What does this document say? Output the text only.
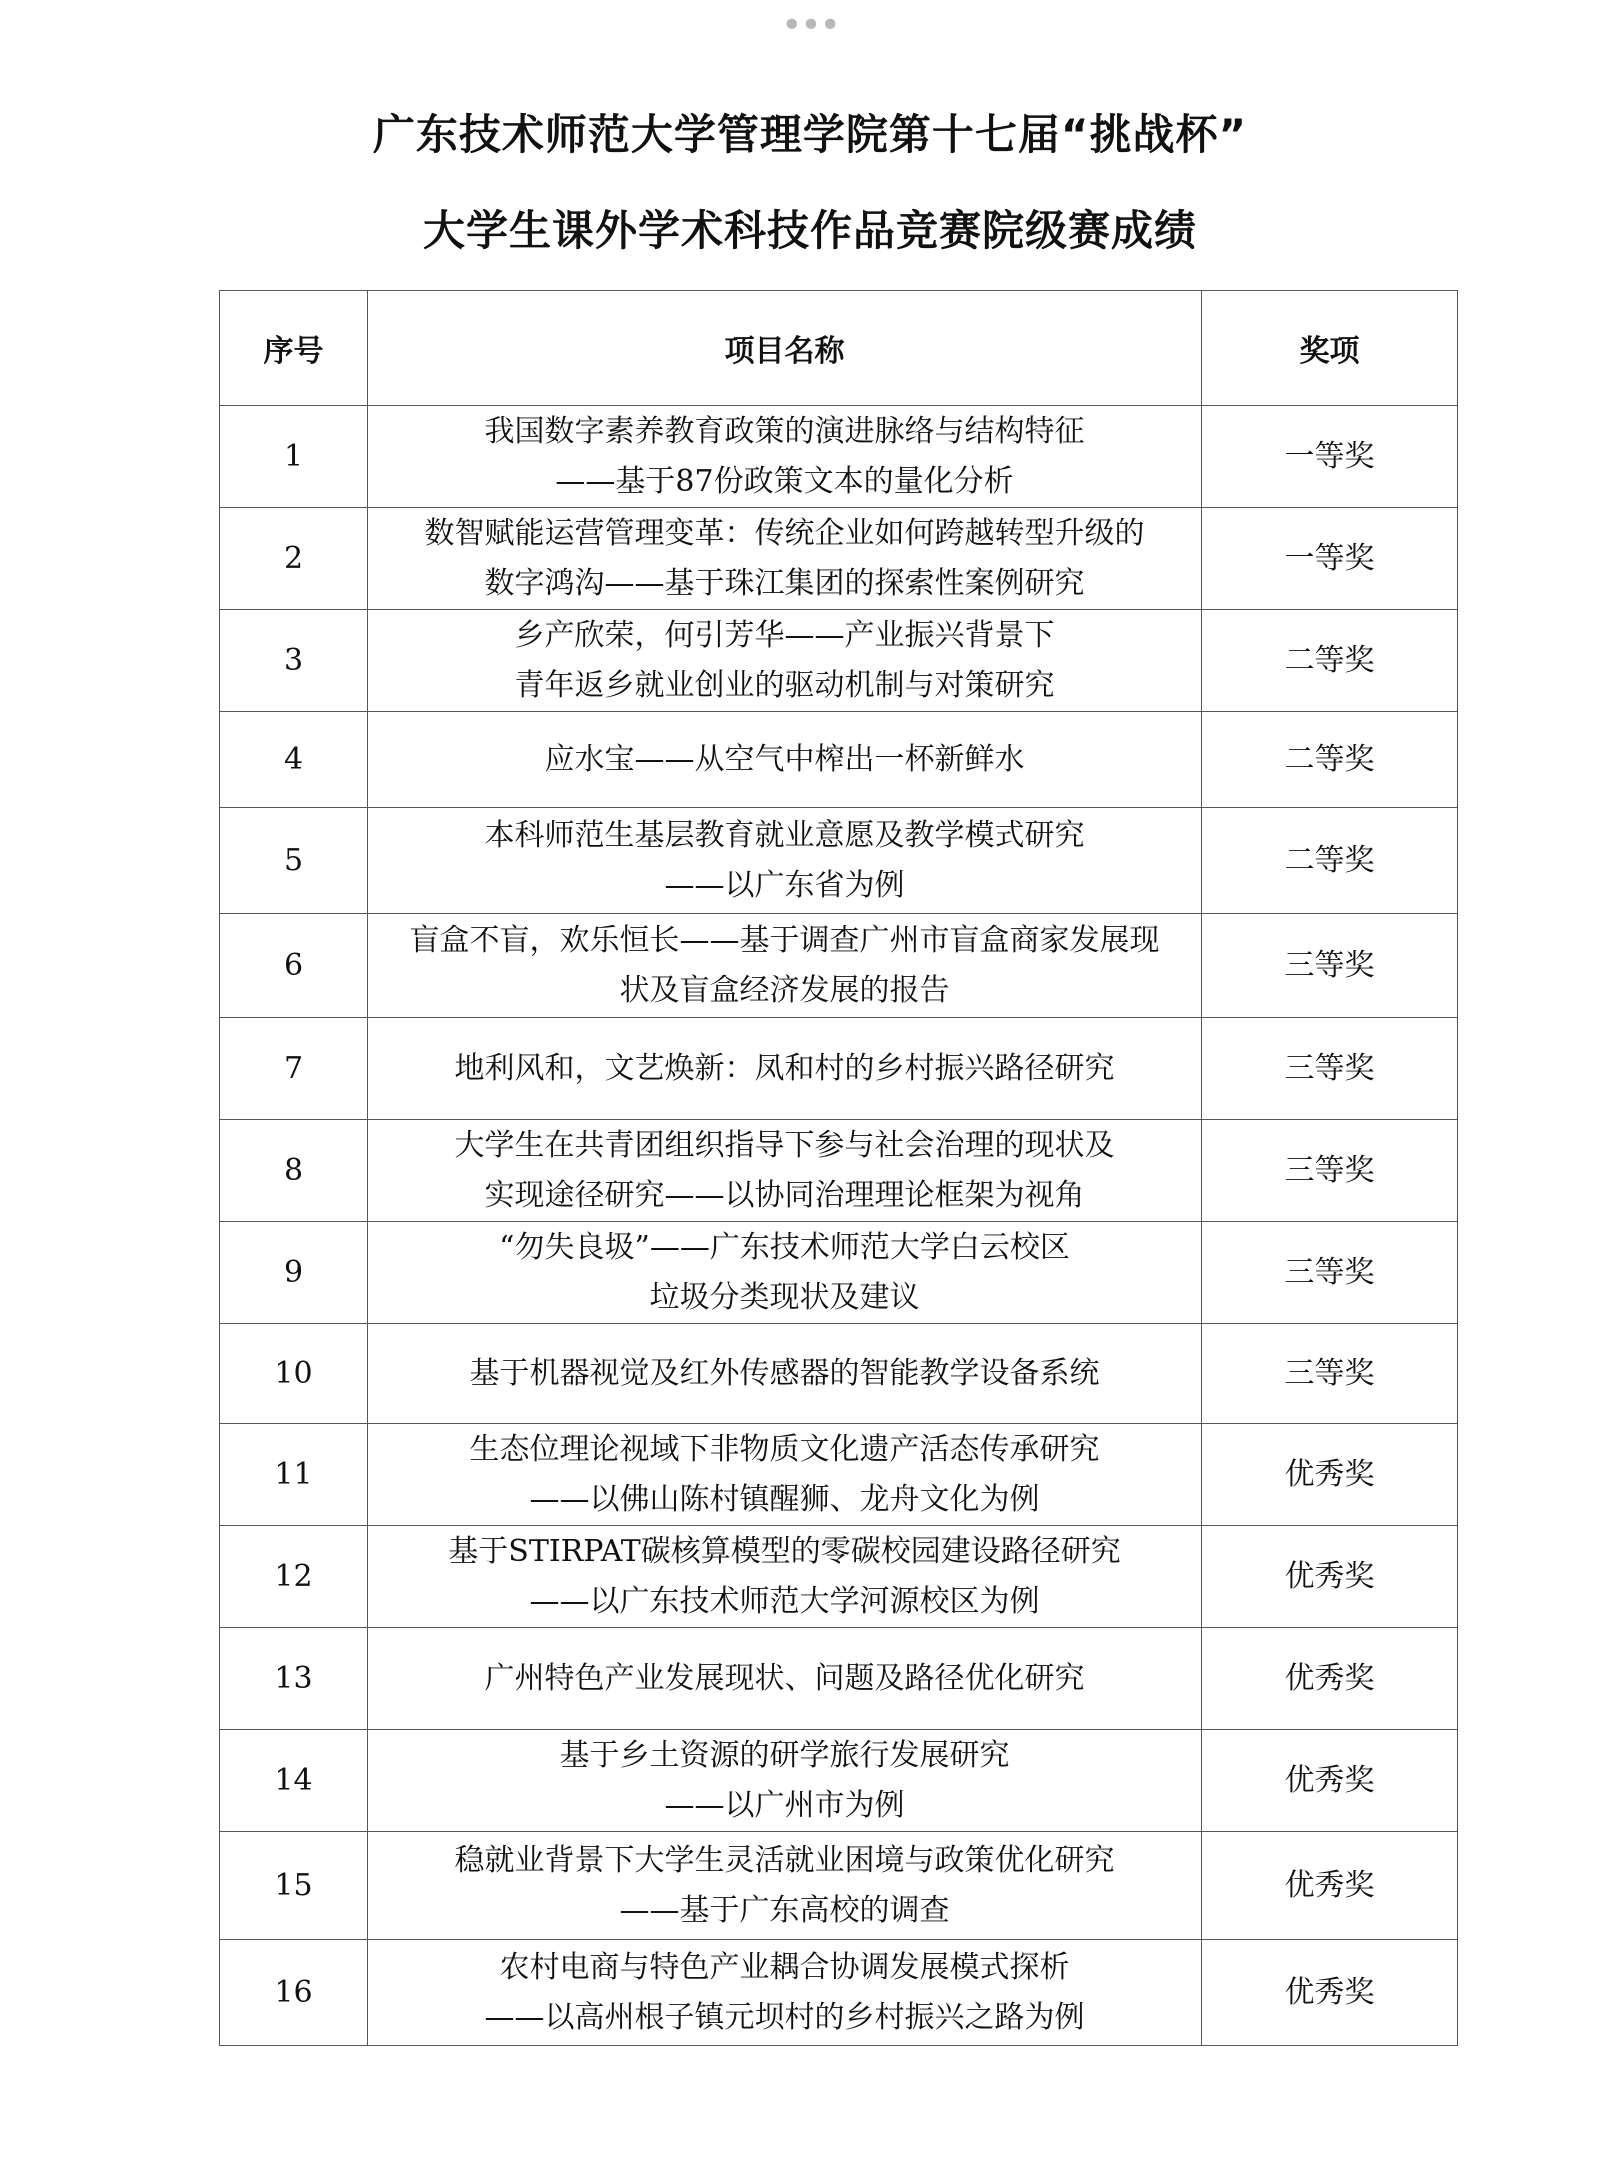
•••
广东技术师范大学管理学院第十七届“挑战杯”
大学生课外学术科技作品竞赛院级赛成绩
序号	项目名称	奖项
1	我国数字素养教育政策的演进脉络与结构特征
——基于87份政策文本的量化分析	一等奖
2	数智赋能运营管理变革：传统企业如何跨越转型升级的
数字鸿沟——基于珠江集团的探索性案例研究	一等奖
3	乡产欣荣，何引芳华——产业振兴背景下
青年返乡就业创业的驱动机制与对策研究	二等奖
4	应水宝——从空气中榨出一杯新鲜水	二等奖
5	本科师范生基层教育就业意愿及教学模式研究
——以广东省为例	二等奖
6	盲盒不盲，欢乐恒长——基于调查广州市盲盒商家发展现
状及盲盒经济发展的报告	三等奖
7	地利风和，文艺焕新：凤和村的乡村振兴路径研究	三等奖
8	大学生在共青团组织指导下参与社会治理的现状及
实现途径研究——以协同治理理论框架为视角	三等奖
9	“勿失良圾”——广东技术师范大学白云校区
垃圾分类现状及建议	三等奖
10	基于机器视觉及红外传感器的智能教学设备系统	三等奖
11	生态位理论视域下非物质文化遗产活态传承研究
——以佛山陈村镇醒狮、龙舟文化为例	优秀奖
12	基于STIRPAT碳核算模型的零碳校园建设路径研究
——以广东技术师范大学河源校区为例	优秀奖
13	广州特色产业发展现状、问题及路径优化研究	优秀奖
14	基于乡土资源的研学旅行发展研究
——以广州市为例	优秀奖
15	稳就业背景下大学生灵活就业困境与政策优化研究
——基于广东高校的调查	优秀奖
16	农村电商与特色产业耦合协调发展模式探析
——以高州根子镇元坝村的乡村振兴之路为例	优秀奖
